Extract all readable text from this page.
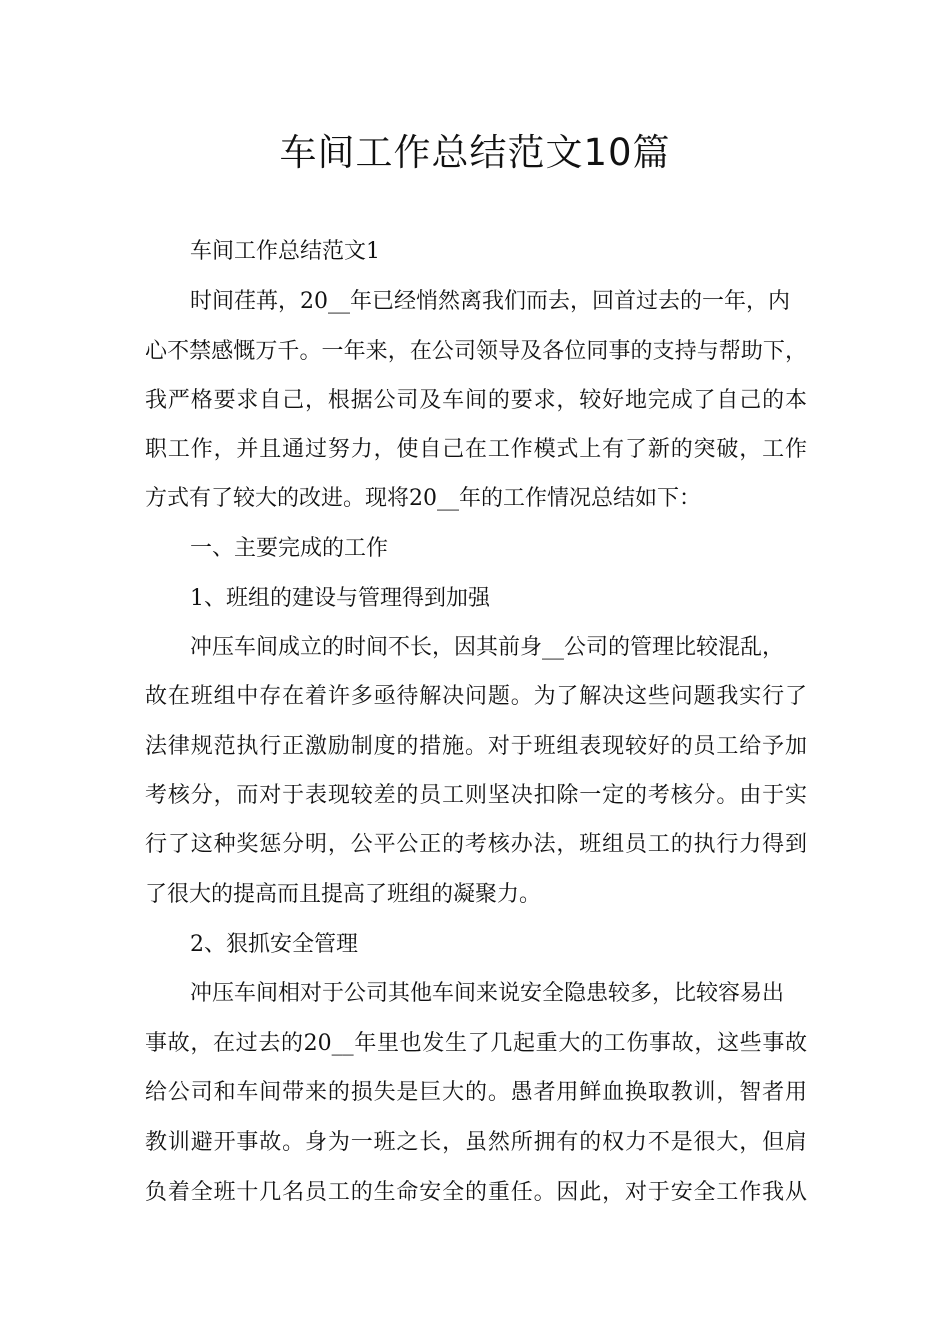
车间工作总结范文10篇

车间工作总结范文1

时间荏苒，20__年已经悄然离我们而去，回首过去的一年，内

心不禁感慨万千。一年来，在公司领导及各位同事的支持与帮助下，

我严格要求自己，根据公司及车间的要求，较好地完成了自己的本

职工作，并且通过努力，使自己在工作模式上有了新的突破，工作

方式有了较大的改进。现将20__年的工作情况总结如下：

一、主要完成的工作

1、班组的建设与管理得到加强

冲压车间成立的时间不长，因其前身__公司的管理比较混乱，

故在班组中存在着许多亟待解决问题。为了解决这些问题我实行了

法律规范执行正激励制度的措施。对于班组表现较好的员工给予加

考核分，而对于表现较差的员工则坚决扣除一定的考核分。由于实

行了这种奖惩分明，公平公正的考核办法，班组员工的执行力得到

了很大的提高而且提高了班组的凝聚力。

2、狠抓安全管理

冲压车间相对于公司其他车间来说安全隐患较多，比较容易出

事故，在过去的20__年里也发生了几起重大的工伤事故，这些事故

给公司和车间带来的损失是巨大的。愚者用鲜血换取教训，智者用

教训避开事故。身为一班之长，虽然所拥有的权力不是很大，但肩

负着全班十几名员工的生命安全的重任。因此，对于安全工作我从
